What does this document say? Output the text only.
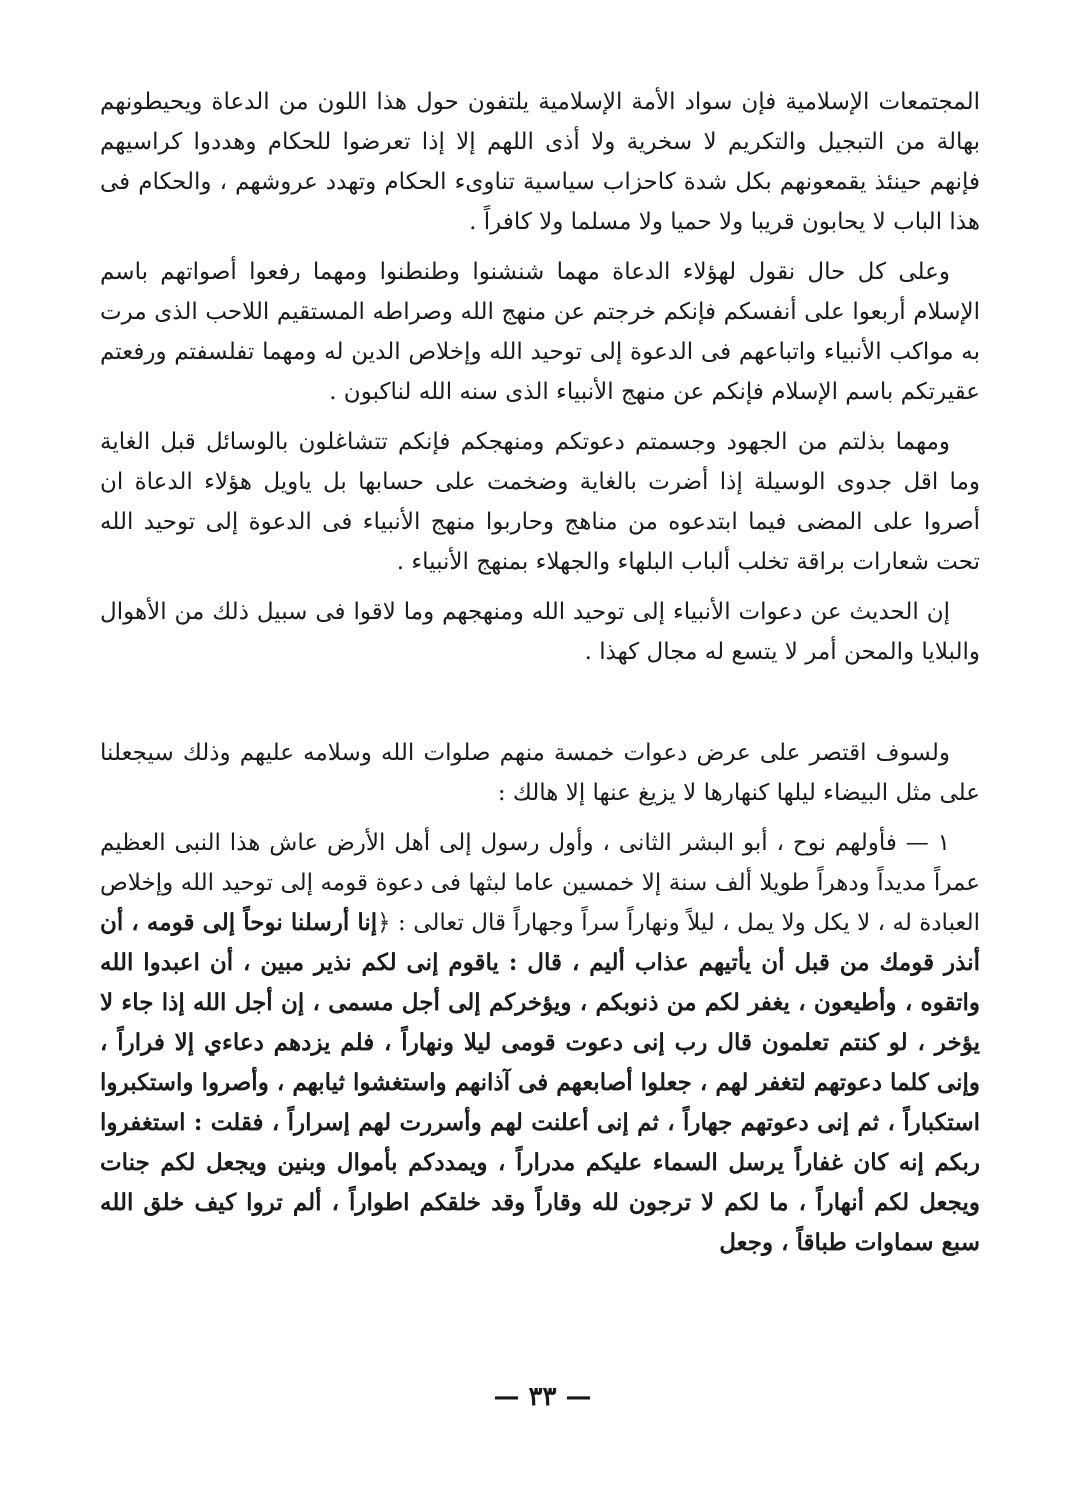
المجتمعات الإسلامية فإن سواد الأمة الإسلامية يلتفون حول هذا اللون من الدعاة ويحيطونهم بهالة من التبجيل والتكريم لا سخرية ولا أذى اللهم إلا إذا تعرضوا للحكام وهددوا كراسيهم فإنهم حينئذ يقمعونهم بكل شدة كاحزاب سياسية تناوىء الحكام وتهدد عروشهم ، والحكام فى هذا الباب لا يحابون قريبا ولا حميا ولا مسلما ولا كافراً .

وعلى كل حال نقول لهؤلاء الدعاة مهما شنشنوا وطنطنوا ومهما رفعوا أصواتهم باسم الإسلام أربعوا على أنفسكم فإنكم خرجتم عن منهج الله وصراطه المستقيم اللاحب الذى مرت به مواكب الأنبياء واتباعهم فى الدعوة إلى توحيد الله وإخلاص الدين له ومهما تفلسفتم ورفعتم عقيرتكم باسم الإسلام فإنكم عن منهج الأنبياء الذى سنه الله لناكبون .

ومهما بذلتم من الجهود وجسمتم دعوتكم ومنهجكم فإنكم تتشاغلون بالوسائل قبل الغاية وما اقل جدوى الوسيلة إذا أضرت بالغاية وضخمت على حسابها بل ياويل هؤلاء الدعاة ان أصروا على المضى فيما ابتدعوه من مناهج وحاربوا منهج الأنبياء فى الدعوة إلى توحيد الله تحت شعارات براقة تخلب ألباب البلهاء والجهلاء بمنهج الأنبياء .

إن الحديث عن دعوات الأنبياء إلى توحيد الله ومنهجهم وما لاقوا فى سبيل ذلك من الأهوال والبلايا والمحن أمر لا يتسع له مجال كهذا .

ولسوف اقتصر على عرض دعوات خمسة منهم صلوات الله وسلامه عليهم وذلك سيجعلنا على مثل البيضاء ليلها كنهارها لا يزيغ عنها إلا هالك :

١ — فأولهم نوح ، أبو البشر الثانى ، وأول رسول إلى أهل الأرض عاش هذا النبى العظيم عمراً مديداً ودهراً طويلا ألف سنة إلا خمسين عاما لبثها فى دعوة قومه إلى توحيد الله وإخلاص العبادة له ، لا يكل ولا يمل ، ليلاً ونهاراً سراً وجهاراً قال تعالى : ﴿إنا أرسلنا نوحاً إلى قومه ، أن أنذر قومك من قبل أن يأتيهم عذاب أليم ، قال : ياقوم إنى لكم نذير مبين ، أن اعبدوا الله واتقوه ، وأطيعون ، يغفر لكم من ذنوبكم ، ويؤخركم إلى أجل مسمى ، إن أجل الله إذا جاء لا يؤخر ، لو كنتم تعلمون قال رب إنى دعوت قومى ليلا ونهاراً ، فلم يزدهم دعاءي إلا فراراً ، وإنى كلما دعوتهم لتغفر لهم ، جعلوا أصابعهم فى آذانهم واستغشوا ثيابهم ، وأصروا واستكبروا استكباراً ، ثم إنى دعوتهم جهاراً ، ثم إنى أعلنت لهم وأسررت لهم إسراراً ، فقلت : استغفروا ربكم إنه كان غفاراً يرسل السماء عليكم مدراراً ، ويمددكم بأموال وبنين ويجعل لكم جنات ويجعل لكم أنهاراً ، ما لكم لا ترجون لله وقاراً وقد خلقكم اطواراً ، ألم تروا كيف خلق الله سبع سماوات طباقاً ، وجعل

— ٣٣ —
